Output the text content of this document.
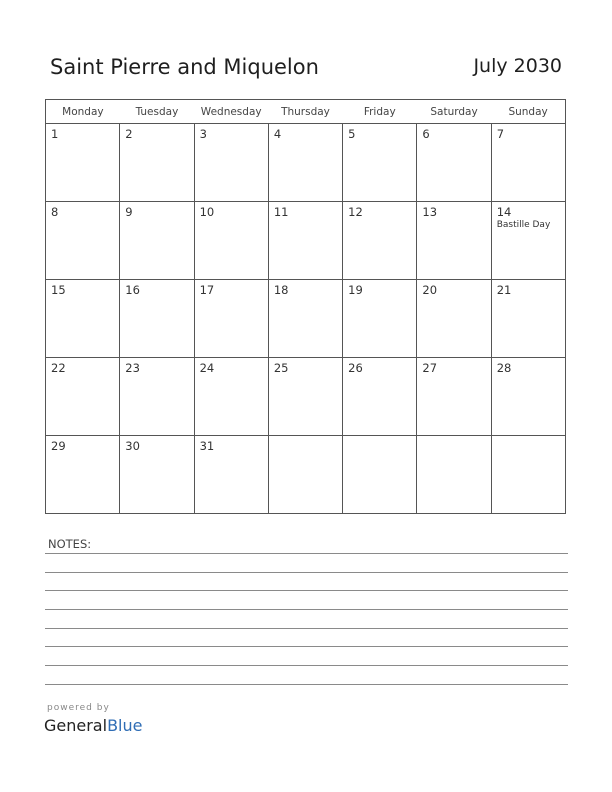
Saint Pierre and Miquelon	July 2030
Monday	Tuesday	Wednesday	Thursday	Friday	Saturday	Sunday

1	2	3	4	5	6	7

8	9	10	11	12	13	14
Bastille Day

15	16	17	18	19	20	21

22	23	24	25	26	27	28

29	30	31				

NOTES:
powered by
GeneralBlue
